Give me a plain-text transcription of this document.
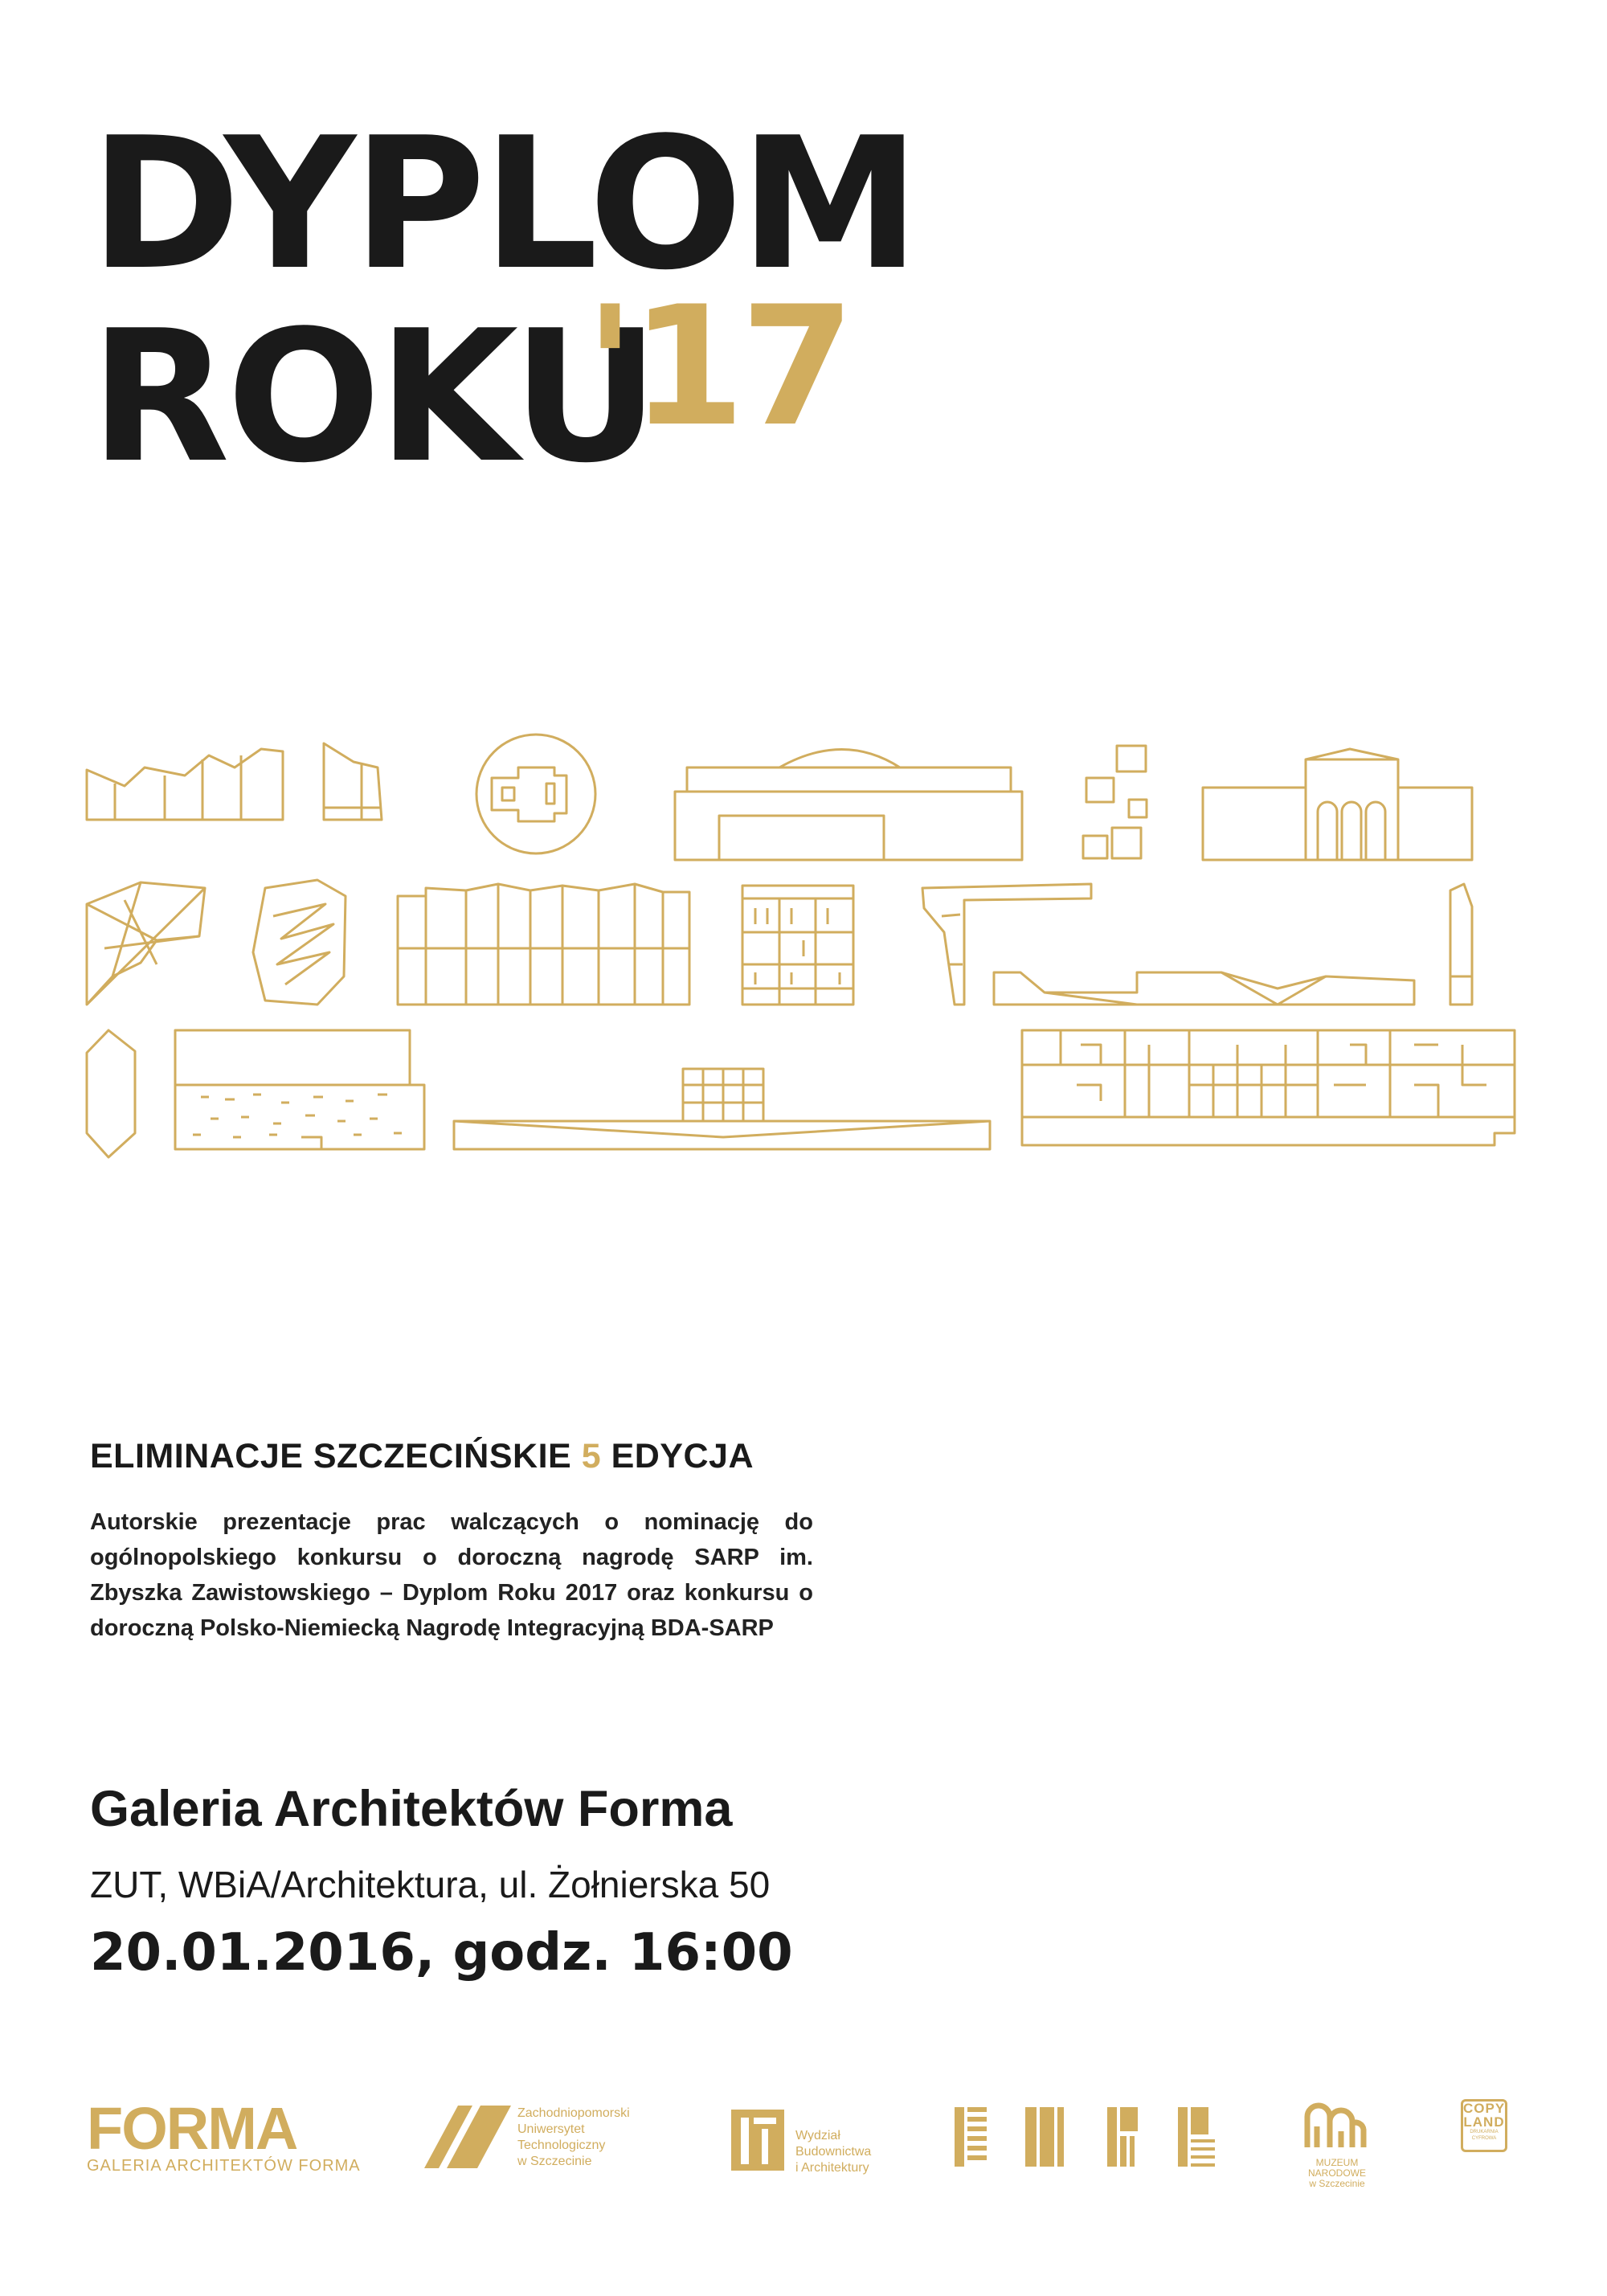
DYPLOM
ROKU
'17
ELIMINACJE SZCZECIŃSKIE 5 EDYCJA
Autorskie prezentacje prac walczących o nominację do ogólnopolskiego konkursu o doroczną nagrodę SARP im. Zbyszka Zawistowskiego – Dyplom Roku 2017 oraz konkursu o doroczną Polsko-Niemiecką Nagrodę Integracyjną BDA-SARP
Galeria Architektów Forma
ZUT, WBiA/Architektura, ul. Żołnierska 50
20.01.2016, godz. 16:00
FORMA
GALERIA ARCHITEKTÓW FORMA
Zachodniopomorski
Uniwersytet
Technologiczny
w Szczecinie
Wydział
Budownictwa
i Architektury	MUZEUM NARODOWE
w Szczecinie
COPY
LAND
DRUKARNIA CYFROWA
